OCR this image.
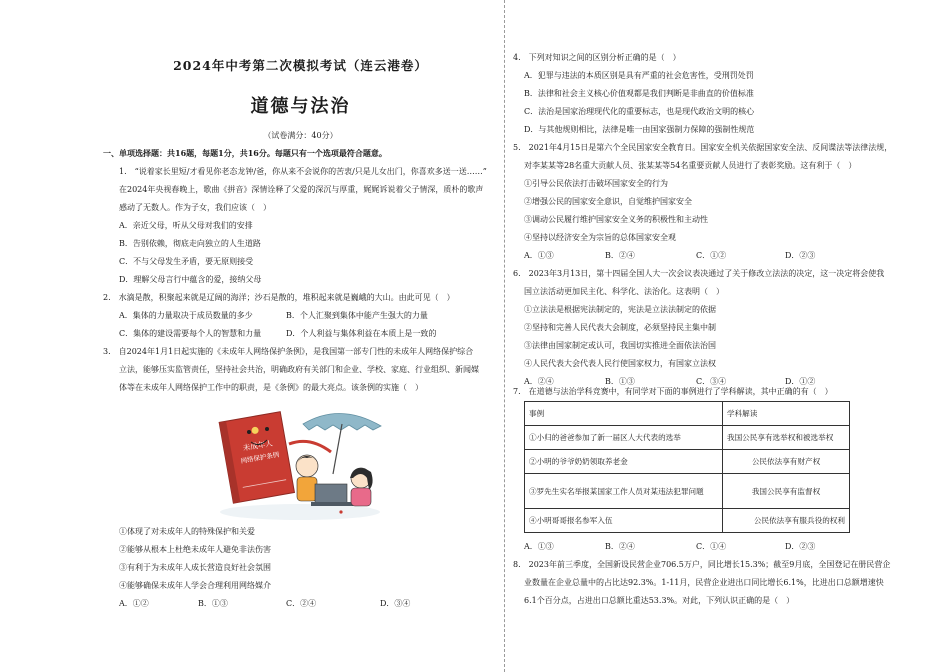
2024年中考第二次模拟考试（连云港卷）
道德与法治
（试卷满分：40分）
一、单项选择题：共16题，每题1分，共16分。每题只有一个选项最符合题意。
1.　“说着家长里短/才看见你老态龙钟/爸，你从来不会说你的苦衷/只是儿女出门，你喜欢多送一送……”
在2024年央视春晚上，歌曲《拼音》深情诠释了父爱的深沉与厚重，娓娓诉说着父子情深，质朴的歌声
感动了无数人。作为子女，我们应该（　）
A．亲近父母，听从父母对我们的安排
B．告别依赖，彻底走向独立的人生道路
C．不与父母发生矛盾，要无原则接受
D．理解父母言行中蕴含的爱，接纳父母
2.　水滴是散，积聚起来就是辽阔的海洋；沙石是散的，堆积起来就是巍峨的大山。由此可见（　）
A．集体的力量取决于成员数量的多少	B．个人汇聚到集体中能产生强大的力量
C．集体的建设需要每个人的智慧和力量	D．个人利益与集体利益在本质上是一致的
3.　自2024年1月1日起实施的《未成年人网络保护条例》，是我国第一部专门性的未成年人网络保护综合
立法，能够压实监管责任，坚持社会共治，明确政府有关部门和企业、学校、家庭、行业组织、新闻媒
体等在未成年人网络保护工作中的职责，是《条例》的最大亮点。该条例的实施（　）
未成年人
网络保护条例
①体现了对未成年人的特殊保护和关爱
②能够从根本上杜绝未成年人避免非法伤害
③有利于为未成年人成长营造良好社会氛围
④能够确保未成年人学会合理利用网络媒介
A．①②	B．①③	C．②④	D．③④
4.　下列对知识之间的区别分析正确的是（　）
A．犯罪与违法的本质区别是具有严重的社会危害性，受刑罚处罚
B．法律和社会主义核心价值观都是我们判断是非曲直的价值标准
C．法治是国家治理现代化的重要标志，也是现代政治文明的核心
D．与其他规则相比，法律是唯一由国家强制力保障的强制性规范
5.　2021年4月15日是第六个全民国家安全教育日。国家安全机关依据国家安全法、反间谍法等法律法规，
对李某某等28名重大贡献人员、张某某等54名重要贡献人员进行了表彰奖励。这有利于（　）
①引导公民依法打击破坏国家安全的行为
②增强公民的国家安全意识，自觉维护国家安全
③调动公民履行维护国家安全义务的积极性和主动性
④坚持以经济安全为宗旨的总体国家安全观
A．①③	B．②④	C．①②	D．②③
6.　2023年3月13日，第十四届全国人大一次会议表决通过了关于修改立法法的决定，这一决定将会使我
国立法活动更加民主化、科学化、法治化。这表明（　）
①立法法是根据宪法制定的，宪法是立法法制定的依据
②坚持和完善人民代表大会制度，必须坚持民主集中制
③法律由国家制定或认可，我国切实推进全面依法治国
④人民代表大会代表人民行使国家权力，有国家立法权
A．②④	B．①③	C．③④	D．①②
7.　在道德与法治学科竞赛中，有同学对下面的事例进行了学科解读，其中正确的有（　）
事例	学科解读
①小归的爸爸参加了新一届区人大代表的选举	我国公民享有选举权和被选举权
②小明的爷爷奶奶领取养老金	公民依法享有财产权
③罗先生实名举报某国家工作人员对某违法犯罪问题	我国公民享有监督权
④小明哥哥报名参军入伍	公民依法享有服兵役的权利
A．①③	B．②④	C．①④	D．②③
8.　2023年前三季度，全国新设民营企业706.5万户，同比增长15.3%；截至9月底，全国登记在册民营企
业数量在企业总量中的占比达92.3%。1-11月，民营企业进出口同比增长6.1%，比进出口总额增速快
6.1个百分点，占进出口总额比重达53.3%。对此，下列认识正确的是（　）
